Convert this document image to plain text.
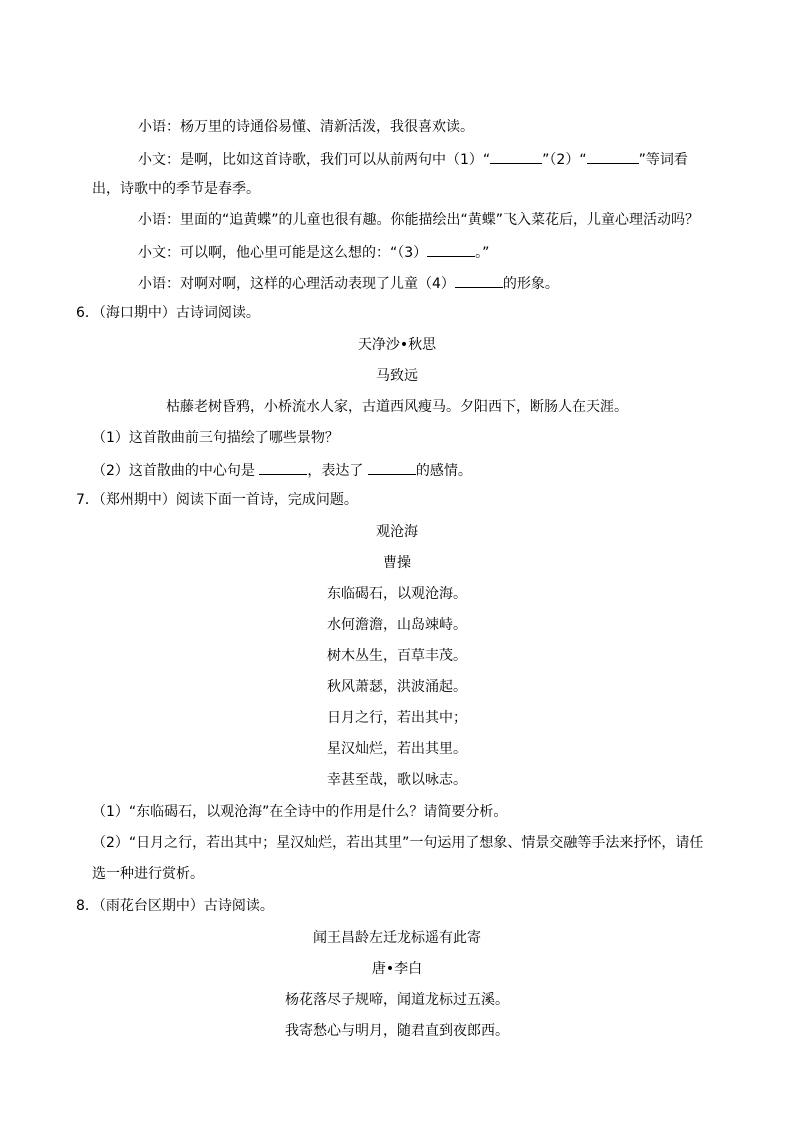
小语：杨万里的诗通俗易懂、清新活泼，我很喜欢读。
小文：是啊，比如这首诗歌，我们可以从前两句中（1）“	”（2）“	”等词看
出，诗歌中的季节是春季。
小语：里面的“追黄蝶”的儿童也很有趣。你能描绘出“黄蝶”飞入菜花后，儿童心理活动吗？
小文：可以啊，他心里可能是这么想的：“（3）	。”
小语：对啊对啊，这样的心理活动表现了儿童（4）	的形象。
6．（海口期中）古诗词阅读。
天净沙•秋思
马致远
枯藤老树昏鸦，小桥流水人家，古道西风瘦马。夕阳西下，断肠人在天涯。
（1）这首散曲前三句描绘了哪些景物？
（2）这首散曲的中心句是	，表达了	的感情。
7．（郑州期中）阅读下面一首诗，完成问题。
观沧海
曹操
东临碣石，以观沧海。
水何澹澹，山岛竦峙。
树木丛生，百草丰茂。
秋风萧瑟，洪波涌起。
日月之行，若出其中；
星汉灿烂，若出其里。
幸甚至哉，歌以咏志。
（1）“东临碣石，以观沧海”在全诗中的作用是什么？请简要分析。
（2）“日月之行，若出其中；星汉灿烂，若出其里”一句运用了想象、情景交融等手法来抒怀，请任
选一种进行赏析。
8．（雨花台区期中）古诗阅读。
闻王昌龄左迁龙标遥有此寄
唐•李白
杨花落尽子规啼，闻道龙标过五溪。
我寄愁心与明月，随君直到夜郎西。
